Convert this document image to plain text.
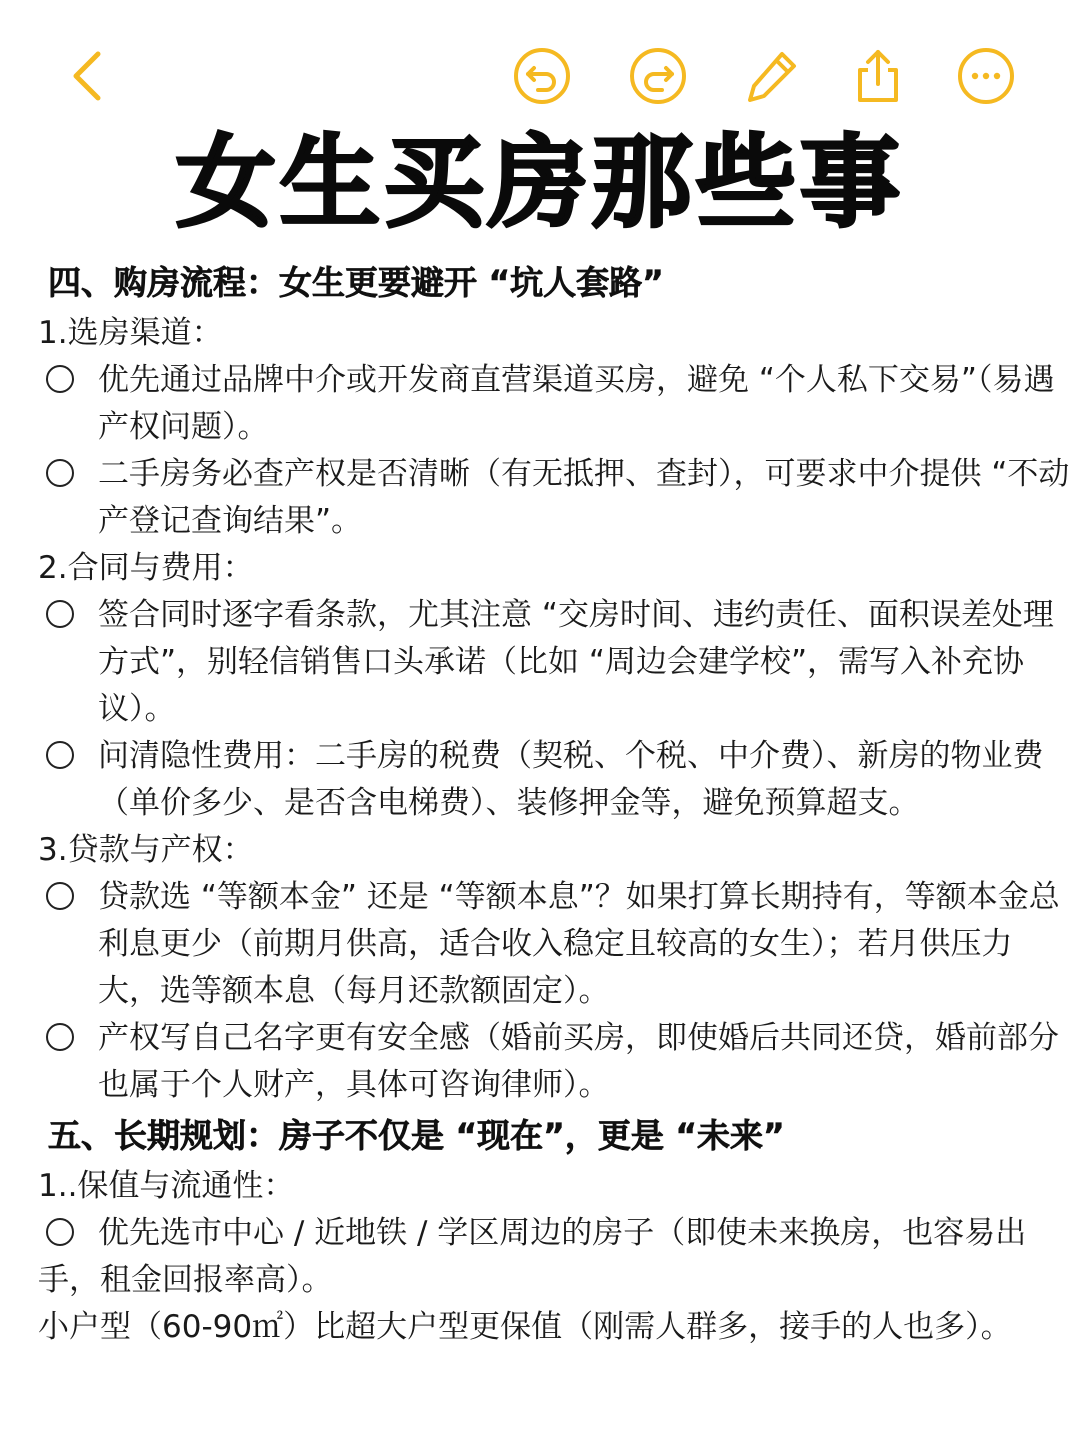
女生买房那些事
四、购房流程：女生更要避开 “坑人套路”
1.选房渠道：
优先通过品牌中介或开发商直营渠道买房，避免 “个人私下交易”（易遇产权问题）。
二手房务必查产权是否清晰（有无抵押、查封），可要求中介提供 “不动产登记查询结果”。
2.合同与费用：
签合同时逐字看条款，尤其注意 “交房时间、违约责任、面积误差处理方式”，别轻信销售口头承诺（比如 “周边会建学校”，需写入补充协议）。
问清隐性费用：二手房的税费（契税、个税、中介费）、新房的物业费（单价多少、是否含电梯费）、装修押金等，避免预算超支。
3.贷款与产权：
贷款选 “等额本金” 还是 “等额本息”？如果打算长期持有，等额本金总利息更少（前期月供高，适合收入稳定且较高的女生）；若月供压力大，选等额本息（每月还款额固定）。
产权写自己名字更有安全感（婚前买房，即使婚后共同还贷，婚前部分也属于个人财产，具体可咨询律师）。
五、长期规划：房子不仅是 “现在”，更是 “未来”
1..保值与流通性：
优先选市中心 / 近地铁 / 学区周边的房子（即使未来换房，也容易出手，租金回报率高）。
小户型（60-90㎡）比超大户型更保值（刚需人群多，接手的人也多）。
